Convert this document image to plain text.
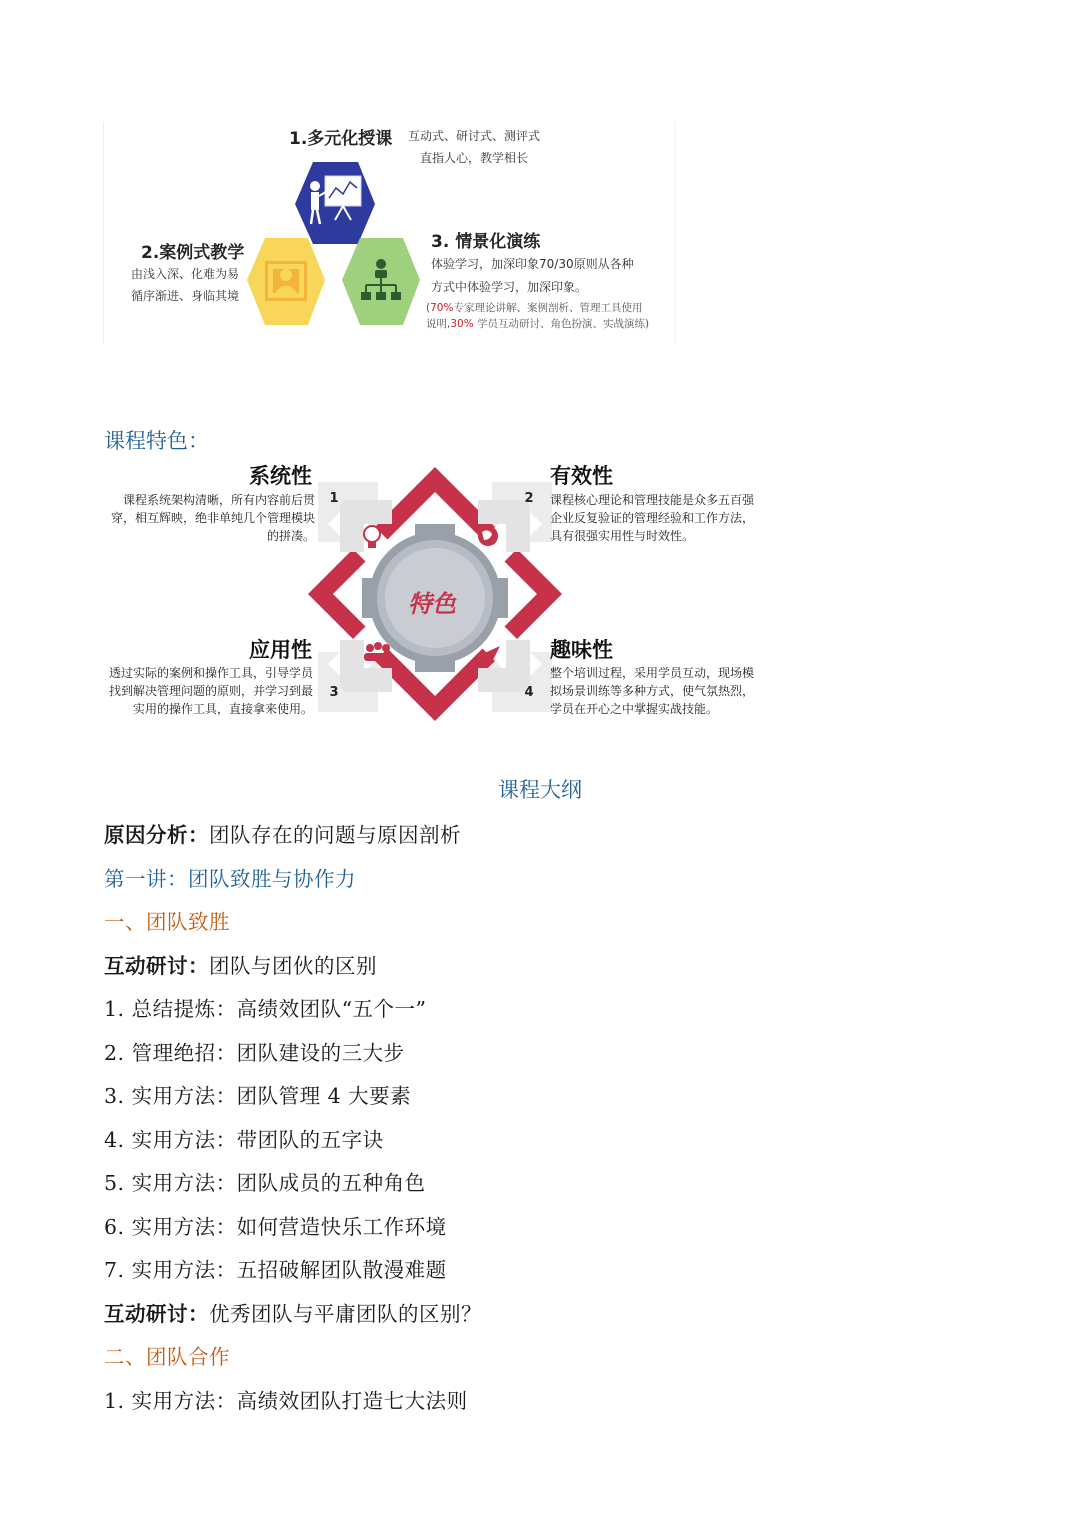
1.多元化授课 互动式、研讨式、测评式
直指人心，教学相长
2.案例式教学
由浅入深、化难为易
循序渐进、身临其境
3. 情景化演练
体验学习，加深印象70/30原则从各种
方式中体验学习，加深印象。
(70%专家理论讲解、案例剖析、管理工具使用
说明,30% 学员互动研讨、角色扮演、实战演练)
课程特色：
特色
系统性
1
课程系统架构清晰，所有内容前后贯穿，相互辉映，绝非单纯几个管理模块的拼凑。
有效性
2	课程核心理论和管理技能是众多五百强企业反复验证的管理经验和工作方法，具有很强实用性与时效性。
应用性
3
透过实际的案例和操作工具，引导学员找到解决管理问题的原则，并学习到最实用的操作工具，直接拿来使用。
趣味性
4
整个培训过程，采用学员互动，现场模拟场景训练等多种方式，使气氛热烈，学员在开心之中掌握实战技能。
课程大纲
原因分析：团队存在的问题与原因剖析
第一讲：团队致胜与协作力
一、团队致胜
互动研讨：团队与团伙的区别
1. 总结提炼：高绩效团队“五个一”
2. 管理绝招：团队建设的三大步
3. 实用方法：团队管理 4 大要素
4. 实用方法：带团队的五字诀
5. 实用方法：团队成员的五种角色
6. 实用方法：如何营造快乐工作环境
7. 实用方法：五招破解团队散漫难题
互动研讨：优秀团队与平庸团队的区别？
二、团队合作
1. 实用方法：高绩效团队打造七大法则
